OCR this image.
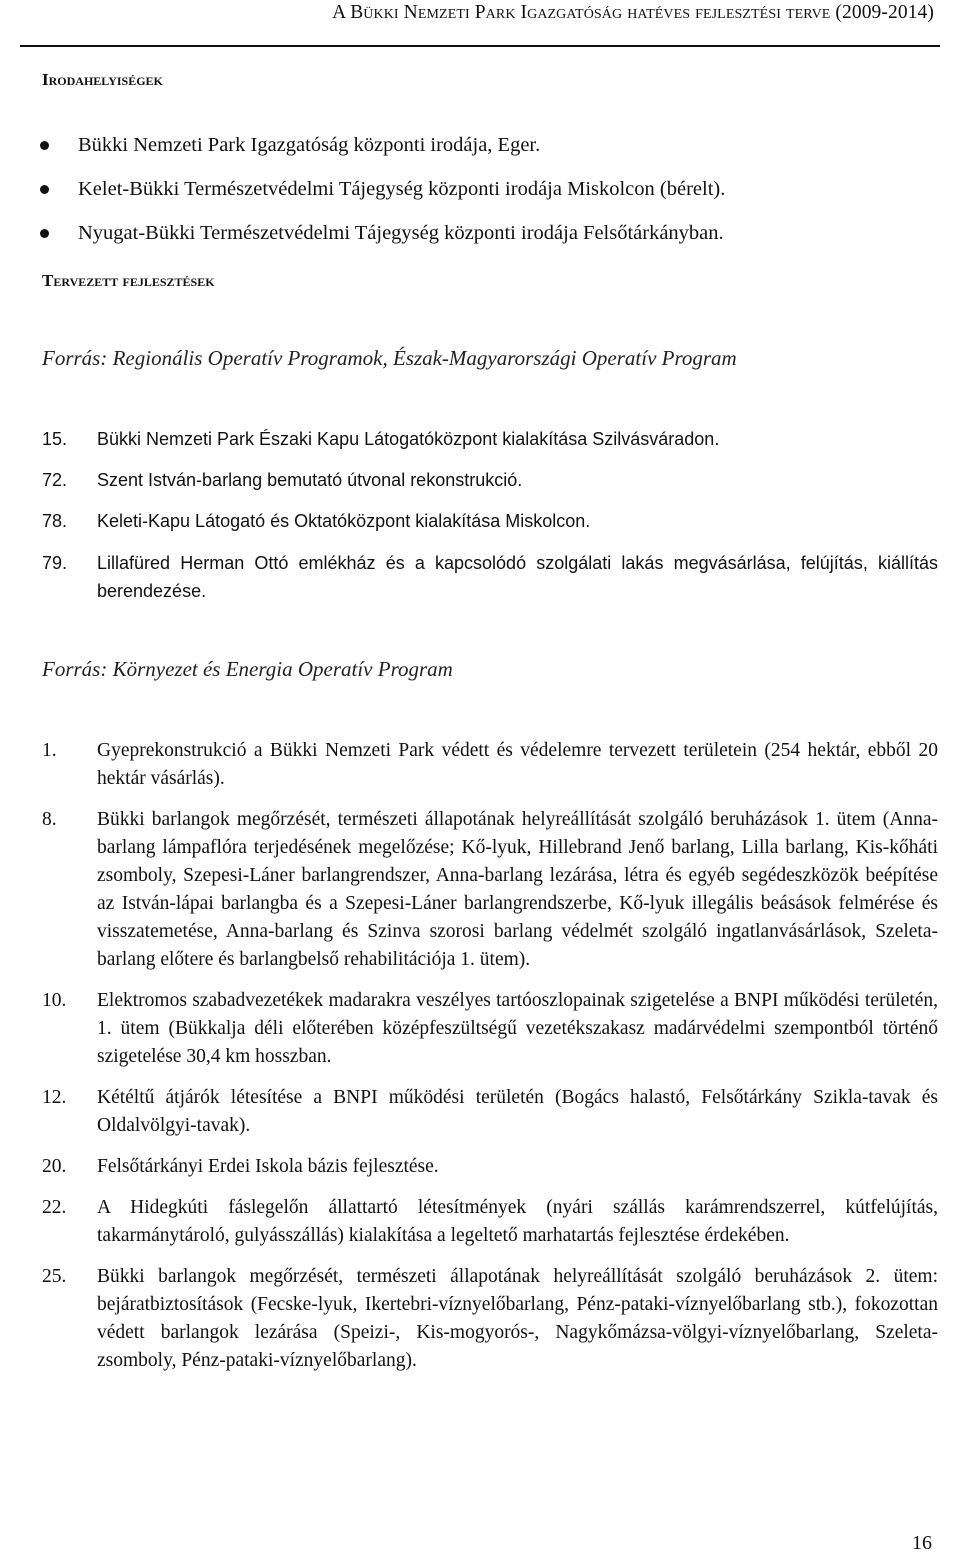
A Bükki Nemzeti Park Igazgatóság hatéves fejlesztési terve (2009-2014)
Irodahelyiségek
Bükki Nemzeti Park Igazgatóság központi irodája, Eger.
Kelet-Bükki Természetvédelmi Tájegység központi irodája Miskolcon (bérelt).
Nyugat-Bükki Természetvédelmi Tájegység központi irodája Felsőtárkányban.
Tervezett fejlesztések
Forrás: Regionális Operatív Programok, Észak-Magyarországi Operatív Program
15. Bükki Nemzeti Park Északi Kapu Látogatóközpont kialakítása Szilvásváradon.
72. Szent István-barlang bemutató útvonal rekonstrukció.
78. Keleti-Kapu Látogató és Oktatóközpont kialakítása Miskolcon.
79. Lillafüred Herman Ottó emlékház és a kapcsolódó szolgálati lakás megvásárlása, felújítás, kiállítás berendezése.
Forrás: Környezet és Energia Operatív Program
1. Gyeprekonstrukció a Bükki Nemzeti Park védett és védelemre tervezett területein (254 hektár, ebből 20 hektár vásárlás).
8. Bükki barlangok megőrzését, természeti állapotának helyreállítását szolgáló beruházások 1. ütem (Anna-barlang lámpaflóra terjedésének megelőzése; Kő-lyuk, Hillebrand Jenő barlang, Lilla barlang, Kis-kőháti zsomboly, Szepesi-Láner barlangrendszer, Anna-barlang lezárása, létra és egyéb segédeszközök beépítése az István-lápai barlangba és a Szepesi-Láner barlangrendszerbe, Kő-lyuk illegális beásások felmérése és visszatemetése, Anna-barlang és Szinva szorosi barlang védelmét szolgáló ingatlanvásárlások, Szeleta-barlang előtere és barlangbelső rehabilitációja 1. ütem).
10. Elektromos szabadvezetékek madarakra veszélyes tartóoszlopainak szigetelése a BNPI működési területén, 1. ütem (Bükkalja déli előterében középfeszültségű vezetékszakasz madárvédelmi szempontból történő szigetelése 30,4 km hosszban.
12. Kétéltű átjárók létesítése a BNPI működési területén (Bogács halastó, Felsőtárkány Szikla-tavak és Oldalvölgyi-tavak).
20. Felsőtárkányi Erdei Iskola bázis fejlesztése.
22. A Hidegkúti fáslegelőn állattartó létesítmények (nyári szállás karámrendszerrel, kútfelújítás, takarmánytároló, gulyásszállás) kialakítása a legeltető marhatartás fejlesztése érdekében.
25. Bükki barlangok megőrzését, természeti állapotának helyreállítását szolgáló beruházások 2. ütem: bejáratbiztosítások (Fecske-lyuk, Ikertebri-víznyelőbarlang, Pénz-pataki-víznyelőbarlang stb.), fokozottan védett barlangok lezárása (Speizi-, Kis-mogyorós-, Nagykőmázsa-völgyi-víznyelőbarlang, Szeleta-zsomboly, Pénz-pataki-víznyelőbarlang).
16
